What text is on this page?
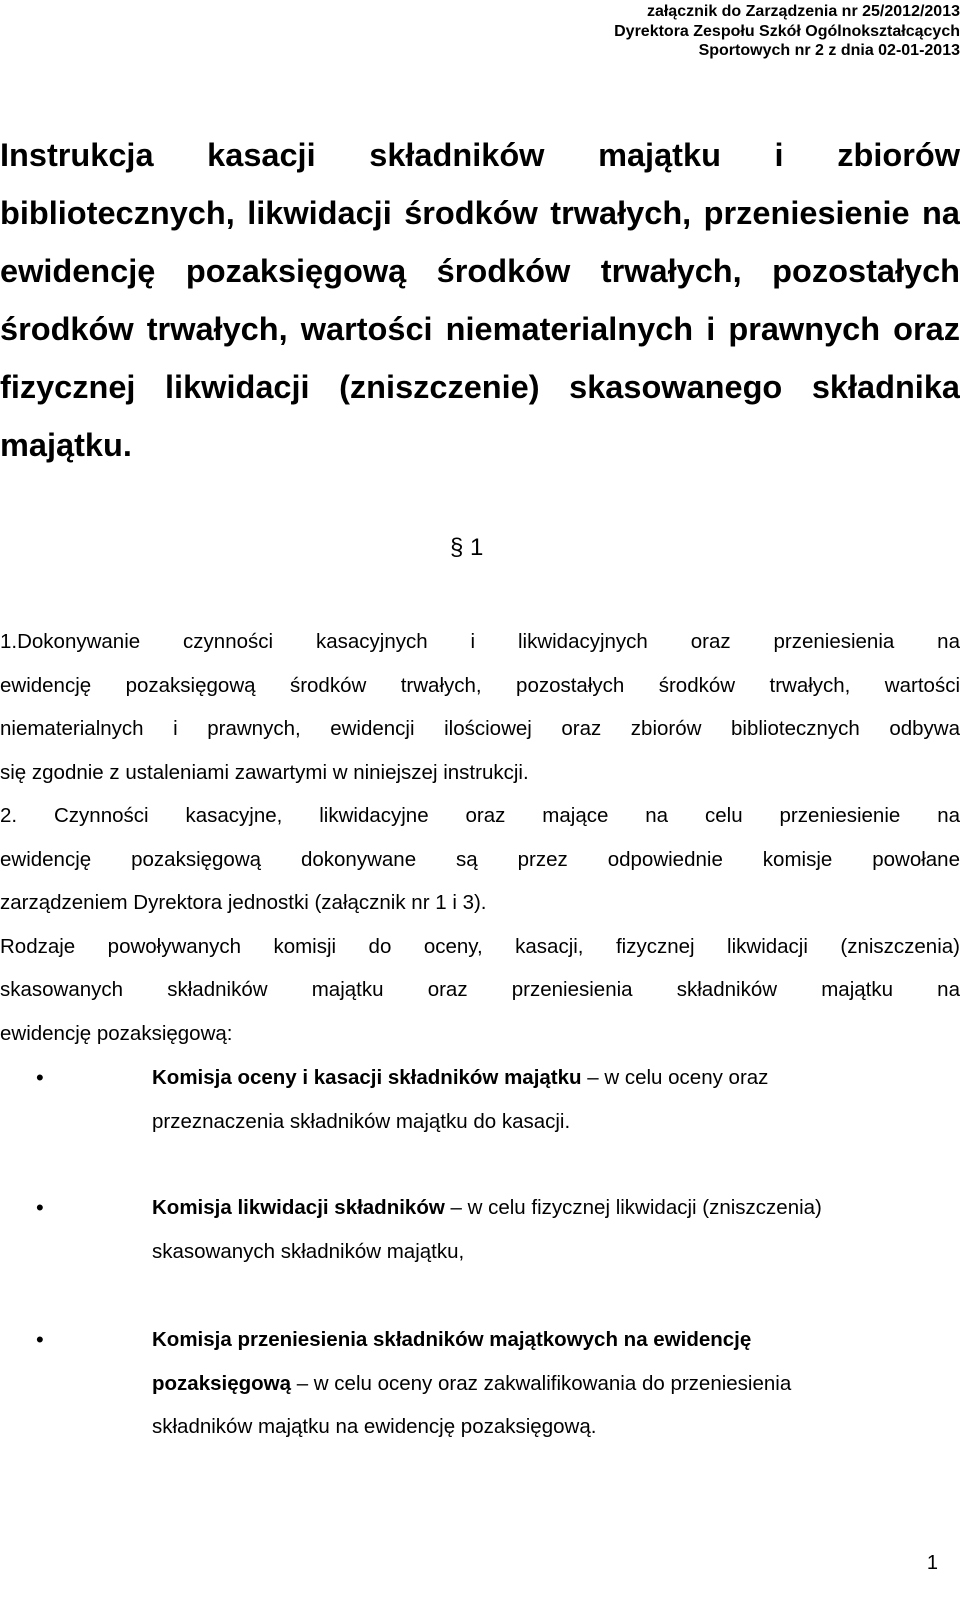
załącznik do Zarządzenia nr 25/2012/2013
Dyrektora Zespołu Szkół Ogólnokształcących
Sportowych nr 2 z dnia 02-01-2013
Instrukcja kasacji składników majątku i zbiorów
bibliotecznych, likwidacji środków trwałych, przeniesienie na
ewidencję pozaksięgową środków trwałych, pozostałych
środków trwałych, wartości niematerialnych i prawnych oraz
fizycznej likwidacji (zniszczenie) skasowanego składnika
majątku.
§ 1
1.Dokonywanie czynności kasacyjnych i likwidacyjnych oraz przeniesienia na
ewidencję pozaksięgową środków trwałych, pozostałych środków trwałych, wartości
niematerialnych i prawnych, ewidencji ilościowej oraz zbiorów bibliotecznych odbywa
się zgodnie z ustaleniami zawartymi w niniejszej instrukcji.
2. Czynności kasacyjne, likwidacyjne oraz mające na celu przeniesienie na
ewidencję pozaksięgową dokonywane są przez odpowiednie komisje powołane
zarządzeniem Dyrektora jednostki (załącznik nr 1 i 3).
Rodzaje powoływanych komisji do oceny, kasacji, fizycznej likwidacji (zniszczenia)
skasowanych składników majątku oraz przeniesienia składników majątku na
ewidencję pozaksięgową:
•	Komisja oceny i kasacji składników majątku – w celu oceny oraz
przeznaczenia składników majątku do kasacji.
•	Komisja likwidacji składników – w celu fizycznej likwidacji (zniszczenia)
skasowanych składników majątku,
•	Komisja przeniesienia składników majątkowych na ewidencję
pozaksięgową – w celu oceny oraz zakwalifikowania do przeniesienia
składników majątku na ewidencję pozaksięgową.
1
